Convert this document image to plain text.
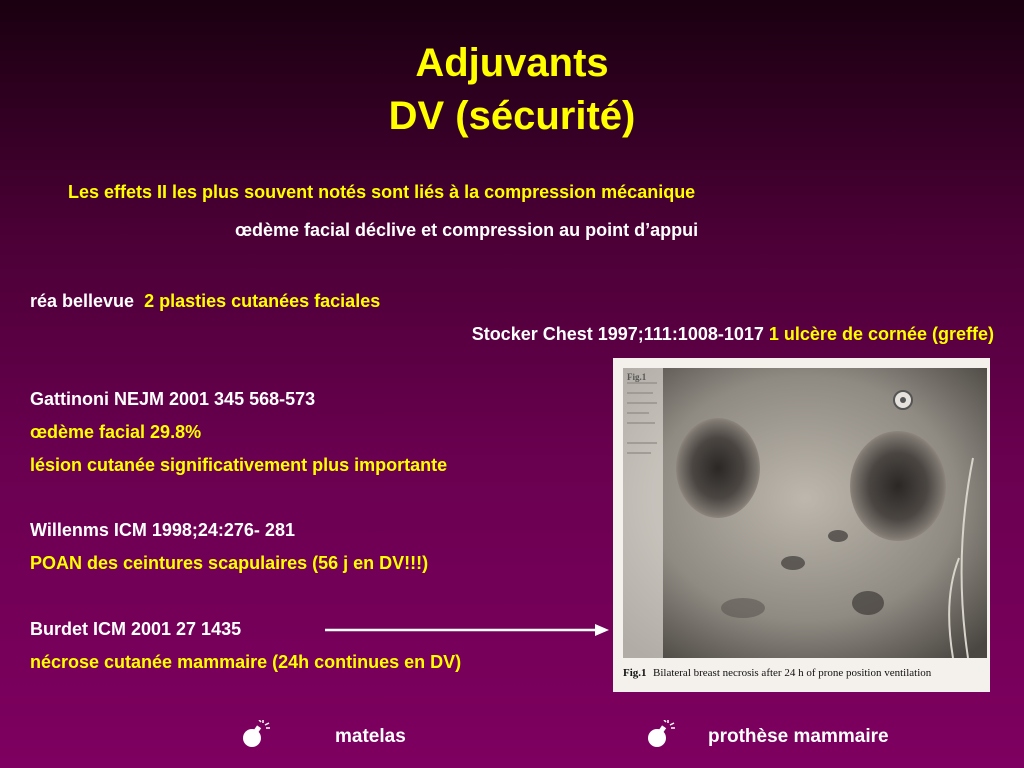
Adjuvants
DV (sécurité)
Les effets II les plus souvent notés sont liés à la compression mécanique
œdème facial déclive et compression au point d’appui
réa bellevue 2 plasties cutanées faciales
Stocker Chest 1997;111:1008-1017 1 ulcère de cornée (greffe)
Gattinoni NEJM 2001 345 568-573
œdème facial 29.8%
lésion cutanée significativement plus importante
Willenms ICM 1998;24:276- 281
POAN des ceintures scapulaires (56 j en DV!!!)
Burdet ICM 2001 27 1435
nécrose cutanée mammaire (24h continues en DV)
Fig.1
Fig.1 Bilateral breast necrosis after 24 h of prone position ventilation
matelas	prothèse mammaire
